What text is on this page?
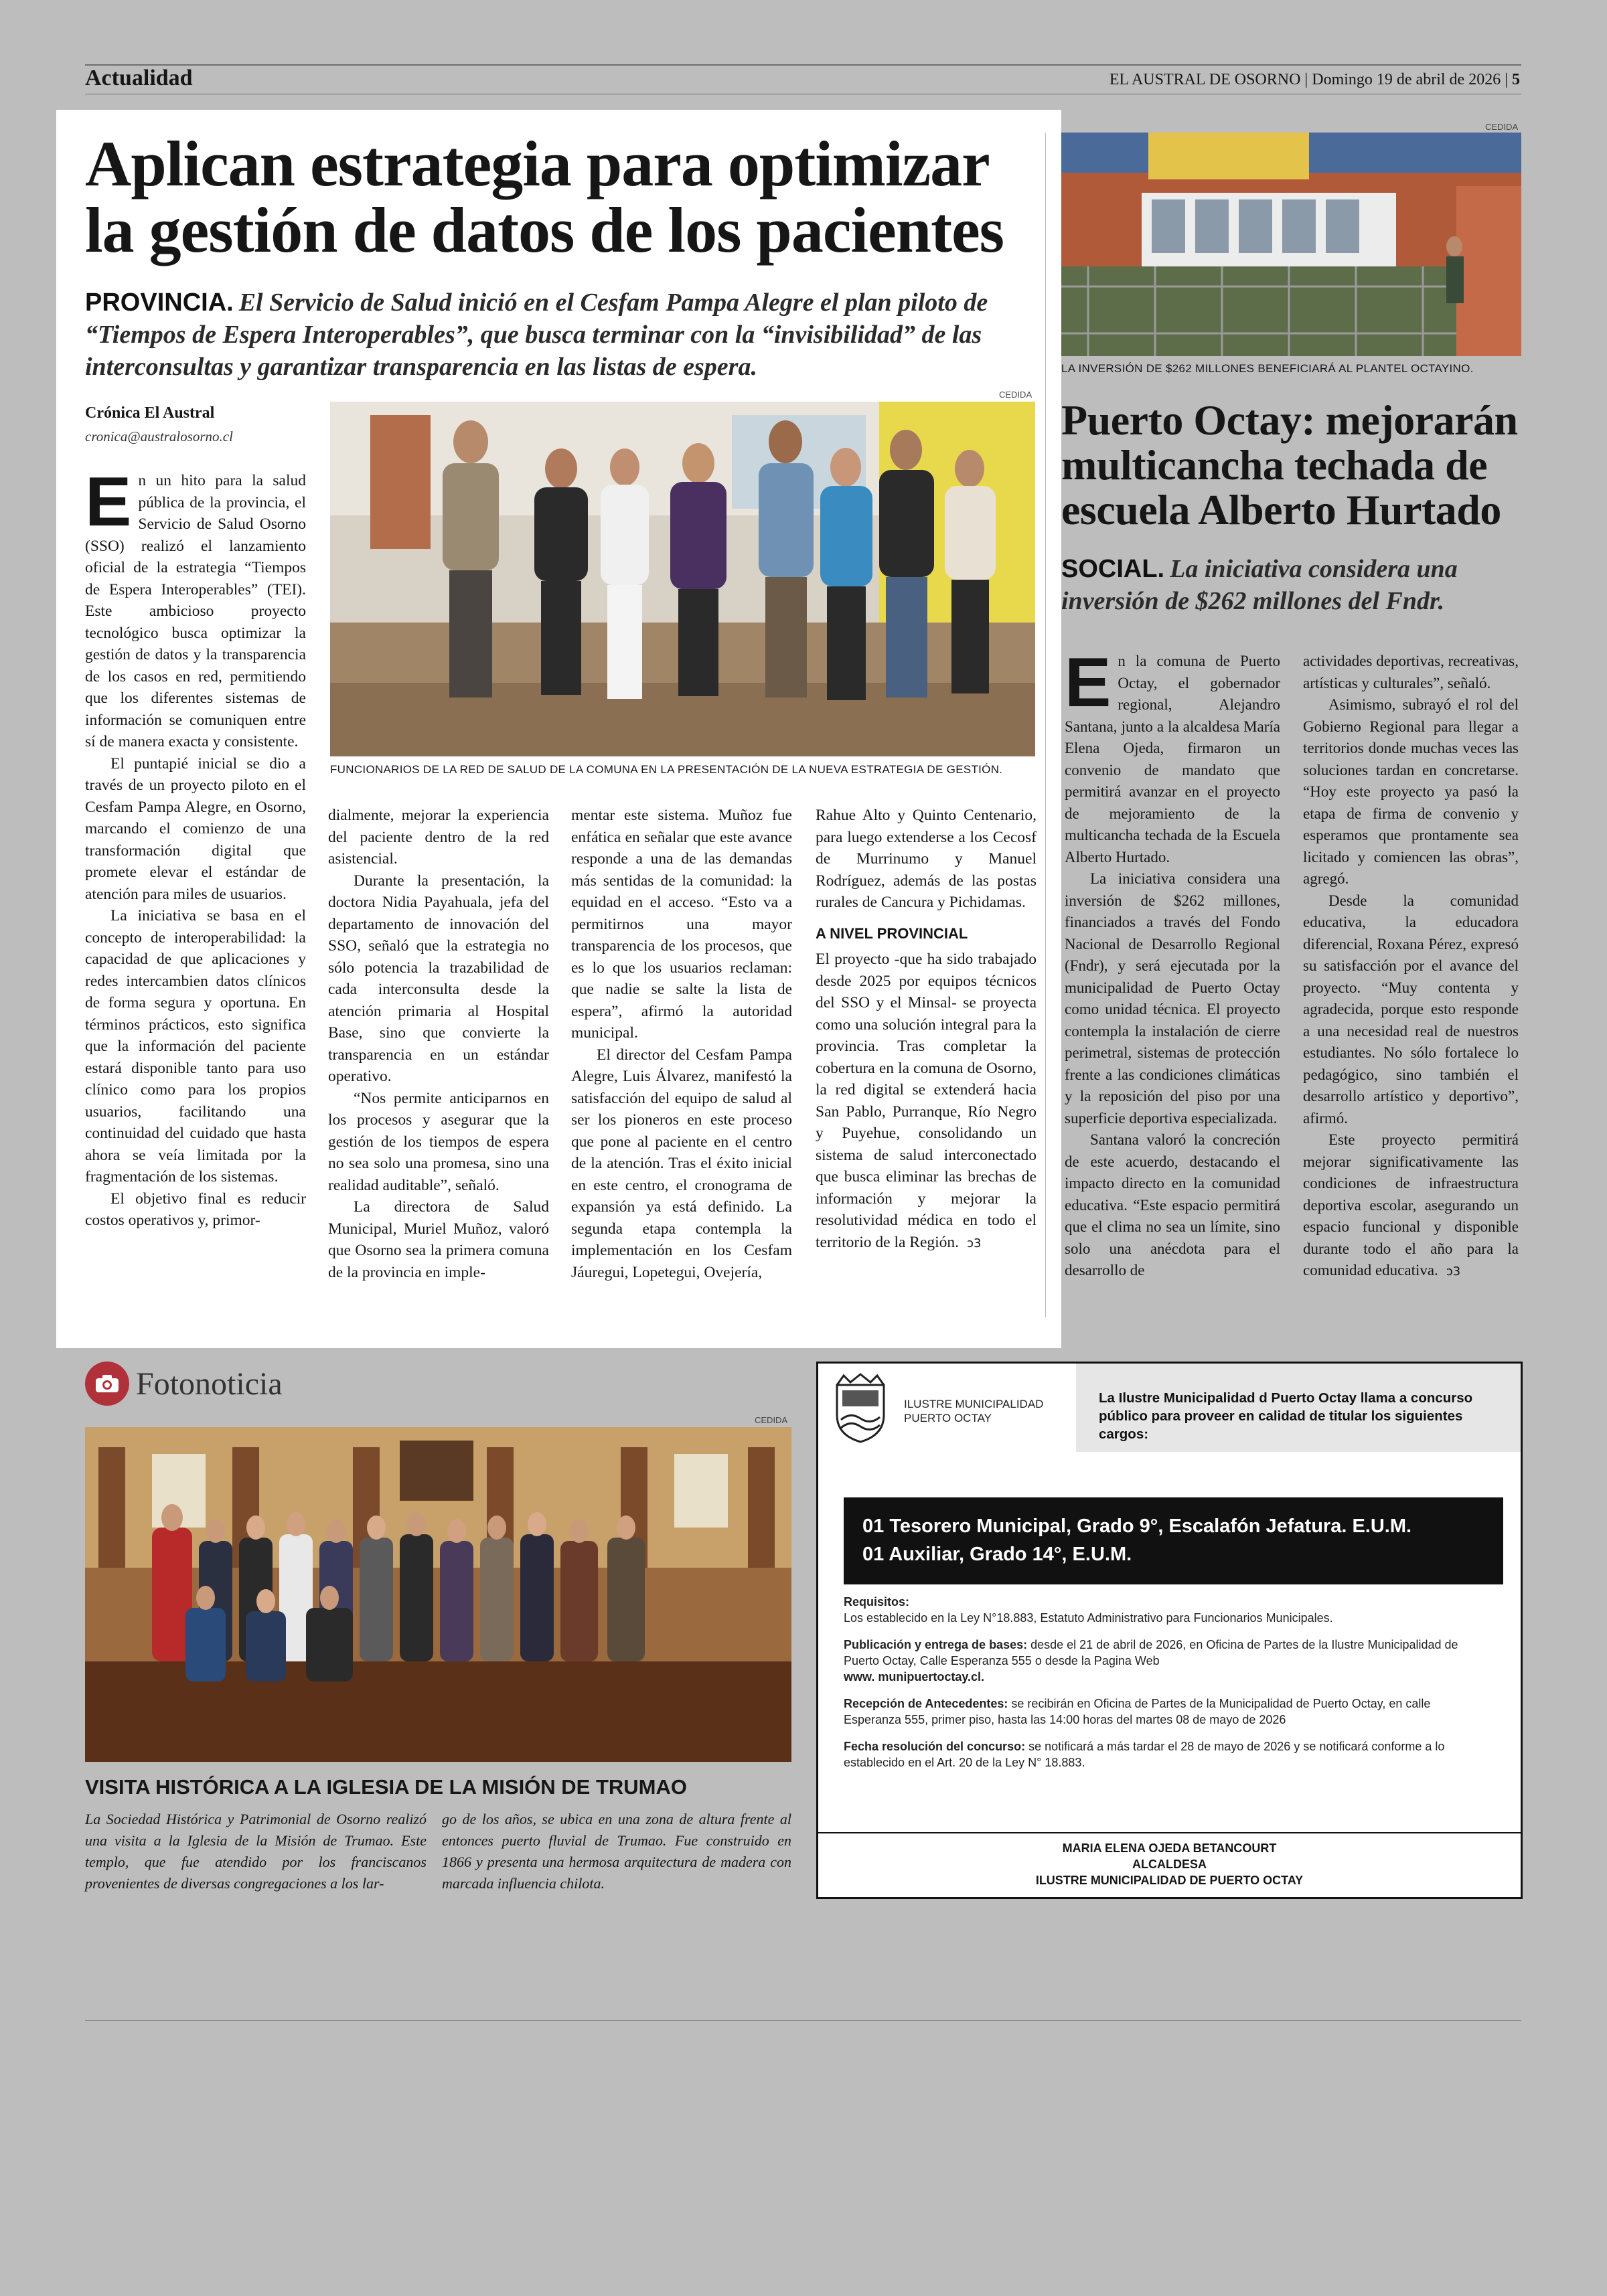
Actualidad	EL AUSTRAL DE OSORNO | Domingo 19 de abril de 2026 | 5
Aplican estrategia para optimizar
la gestión de datos de los pacientes

PROVINCIA. El Servicio de Salud inició en el Cesfam Pampa Alegre el plan piloto de “Tiempos de Espera Interoperables”, que busca terminar con la “invisibilidad” de las interconsultas y garantizar transparencia en las listas de espera.

Crónica El Austral
cronica@australosorno.cl
CEDIDA
FUNCIONARIOS DE LA RED DE SALUD DE LA COMUNA EN LA PRESENTACIÓN DE LA NUEVA ESTRATEGIA DE GESTIÓN.

En un hito para la salud pública de la provincia, el Servicio de Salud Osorno (SSO) realizó el lanzamiento oficial de la estrategia “Tiempos de Espera Interoperables” (TEI). Este ambicioso proyecto tecnológico busca optimizar la gestión de datos y la transparencia de los casos en red, permitiendo que los diferentes sistemas de información se comuniquen entre sí de manera exacta y consistente.

El puntapié inicial se dio a través de un proyecto piloto en el Cesfam Pampa Alegre, en Osorno, marcando el comienzo de una transformación digital que promete elevar el estándar de atención para miles de usuarios.

La iniciativa se basa en el concepto de interoperabilidad: la capacidad de que aplicaciones y redes intercambien datos clínicos de forma segura y oportuna. En términos prácticos, esto significa que la información del paciente estará disponible tanto para uso clínico como para los propios usuarios, facilitando una continuidad del cuidado que hasta ahora se veía limitada por la fragmentación de los sistemas.

El objetivo final es reducir costos operativos y, primor-

dialmente, mejorar la experiencia del paciente dentro de la red asistencial.

Durante la presentación, la doctora Nidia Payahuala, jefa del departamento de innovación del SSO, señaló que la estrategia no sólo potencia la trazabilidad de cada interconsulta desde la atención primaria al Hospital Base, sino que convierte la transparencia en un estándar operativo.

“Nos permite anticiparnos en los procesos y asegurar que la gestión de los tiempos de espera no sea solo una promesa, sino una realidad auditable”, señaló.

La directora de Salud Municipal, Muriel Muñoz, valoró que Osorno sea la primera comuna de la provincia en imple-

mentar este sistema. Muñoz fue enfática en señalar que este avance responde a una de las demandas más sentidas de la comunidad: la equidad en el acceso. “Esto va a permitirnos una mayor transparencia de los procesos, que es lo que los usuarios reclaman: que nadie se salte la lista de espera”, afirmó la autoridad municipal.

El director del Cesfam Pampa Alegre, Luis Álvarez, manifestó la satisfacción del equipo de salud al ser los pioneros en este proceso que pone al paciente en el centro de la atención. Tras el éxito inicial en este centro, el cronograma de expansión ya está definido. La segunda etapa contempla la implementación en los Cesfam Jáuregui, Lopetegui, Ovejería,

Rahue Alto y Quinto Centenario, para luego extenderse a los Cecosf de Murrinumo y Manuel Rodríguez, además de las postas rurales de Cancura y Pichidamas.

A NIVEL PROVINCIAL

El proyecto -que ha sido trabajado desde 2025 por equipos técnicos del SSO y el Minsal- se proyecta como una solución integral para la provincia. Tras completar la cobertura en la comuna de Osorno, la red digital se extenderá hacia San Pablo, Purranque, Río Negro y Puyehue, consolidando un sistema de salud interconectado que busca eliminar las brechas de información y mejorar la resolutividad médica en todo el territorio de la Región. ↄ3

CEDIDA
LA INVERSIÓN DE $262 MILLONES BENEFICIARÁ AL PLANTEL OCTAYINO.
Puerto Octay: mejorarán
multicancha techada de
escuela Alberto Hurtado

SOCIAL. La iniciativa considera una inversión de $262 millones del Fndr.

En la comuna de Puerto Octay, el gobernador regional, Alejandro Santana, junto a la alcaldesa María Elena Ojeda, firmaron un convenio de mandato que permitirá avanzar en el proyecto de mejoramiento de la multicancha techada de la Escuela Alberto Hurtado.

La iniciativa considera una inversión de $262 millones, financiados a través del Fondo Nacional de Desarrollo Regional (Fndr), y será ejecutada por la municipalidad de Puerto Octay como unidad técnica. El proyecto contempla la instalación de cierre perimetral, sistemas de protección frente a las condiciones climáticas y la reposición del piso por una superficie deportiva especializada.

Santana valoró la concreción de este acuerdo, destacando el impacto directo en la comunidad educativa. “Este espacio permitirá que el clima no sea un límite, sino solo una anécdota para el desarrollo de

actividades deportivas, recreativas, artísticas y culturales”, señaló.

Asimismo, subrayó el rol del Gobierno Regional para llegar a territorios donde muchas veces las soluciones tardan en concretarse. “Hoy este proyecto ya pasó la etapa de firma de convenio y esperamos que prontamente sea licitado y comiencen las obras”, agregó.

Desde la comunidad educativa, la educadora diferencial, Roxana Pérez, expresó su satisfacción por el avance del proyecto. “Muy contenta y agradecida, porque esto responde a una necesidad real de nuestros estudiantes. No sólo fortalece lo pedagógico, sino también el desarrollo artístico y deportivo”, afirmó.

Este proyecto permitirá mejorar significativamente las condiciones de infraestructura deportiva escolar, asegurando un espacio funcional y disponible durante todo el año para la comunidad educativa. ↄ3

Fotonoticia
CEDIDA
VISITA HISTÓRICA A LA IGLESIA DE LA MISIÓN DE TRUMAO
La Sociedad Histórica y Patrimonial de Osorno realizó una visita a la Iglesia de la Misión de Trumao. Este templo, que fue atendido por los franciscanos provenientes de diversas congregaciones a los lar-
go de los años, se ubica en una zona de altura frente al entonces puerto fluvial de Trumao. Fue construido en 1866 y presenta una hermosa arquitectura de madera con marcada influencia chilota.
ILUSTRE MUNICIPALIDAD
PUERTO OCTAY
La Ilustre Municipalidad d Puerto Octay llama a concurso público para proveer en calidad de titular los siguientes cargos:
01 Tesorero Municipal, Grado 9°, Escalafón Jefatura. E.U.M.
01 Auxiliar, Grado 14°, E.U.M.
Requisitos:
Los establecido en la Ley N°18.883, Estatuto Administrativo para Funcionarios Municipales.
Publicación y entrega de bases: desde el 21 de abril de 2026, en Oficina de Partes de la Ilustre Municipalidad de Puerto Octay, Calle Esperanza 555 o desde la Pagina Web
www. munipuertoctay.cl.
Recepción de Antecedentes: se recibirán en Oficina de Partes de la Municipalidad de Puerto Octay, en calle Esperanza 555, primer piso, hasta las 14:00 horas del martes 08 de mayo de 2026
Fecha resolución del concurso: se notificará a más tardar el 28 de mayo de 2026 y se notificará conforme a lo establecido en el Art. 20 de la Ley N° 18.883.
MARIA ELENA OJEDA BETANCOURT
ALCALDESA
ILUSTRE MUNICIPALIDAD DE PUERTO OCTAY
